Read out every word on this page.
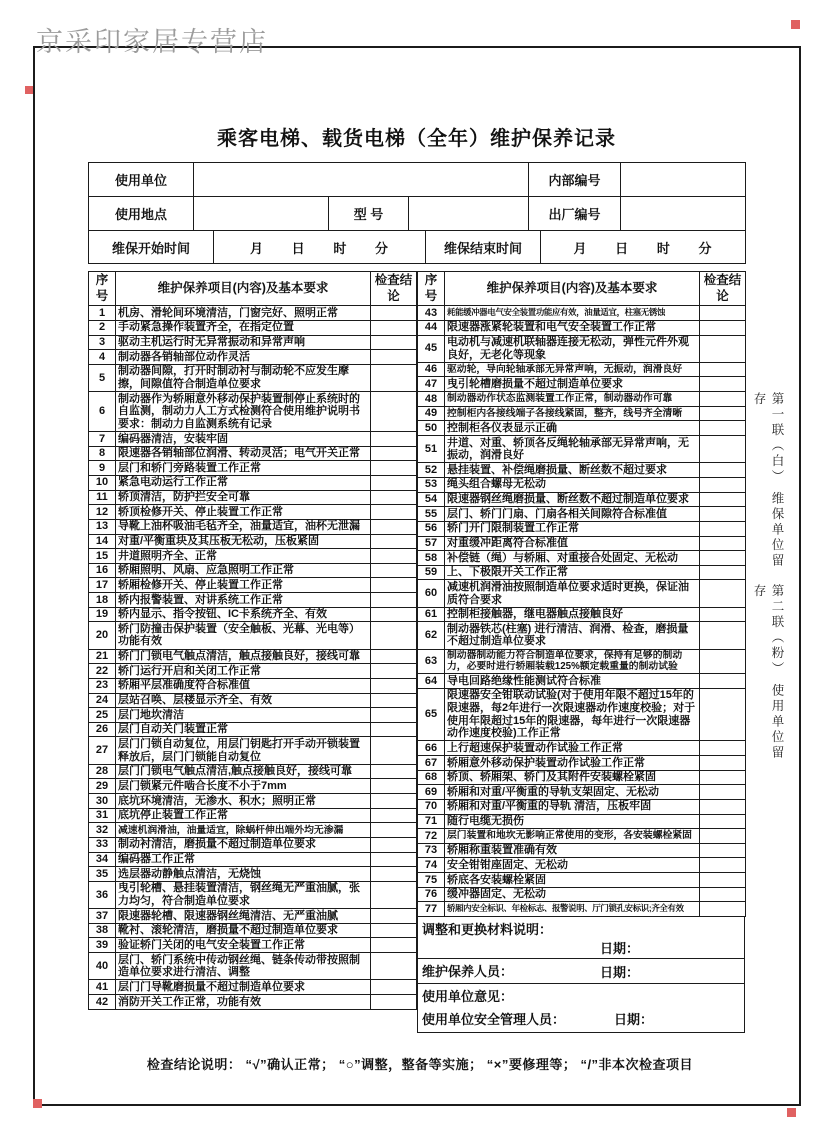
京采印家居专营店
乘客电梯、载货电梯（全年）维护保养记录
使用单位		内部编号	
使用地点		型 号		出厂编号	
维保开始时间	月      日      时      分	维保结束时间	月      日      时      分
序号	维护保养项目(内容)及基本要求	检查结论
1	机房、滑轮间环境清洁，门窗完好、照明正常	
2	手动紧急操作装置齐全，在指定位置	
3	驱动主机运行时无异常振动和异常声响	
4	制动器各销轴部位动作灵活	
5	制动器间隙，打开时制动衬与制动轮不应发生摩擦，间隙值符合制造单位要求	
6	制动器作为轿厢意外移动保护装置制停止系统时的自监测，制动力人工方式检测符合使用维护说明书要求：制动力自监测系统有记录	
7	编码器清洁，安装牢固	
8	限速器各销轴部位润滑、转动灵活；电气开关正常	
9	层门和轿门旁路装置工作正常	
10	紧急电动运行工作正常	
11	轿顶清洁，防护拦安全可靠	
12	轿顶检修开关、停止装置工作正常	
13	导靴上油杯吸油毛毡齐全，油量适宜，油杯无泄漏	
14	对重/平衡重块及其压板无松动，压板紧固	
15	井道照明齐全、正常	
16	轿厢照明、风扇、应急照明工作正常	
17	轿厢检修开关、停止装置工作正常	
18	轿内报警装置、对讲系统工作正常	
19	轿内显示、指令按钮、IC卡系统齐全、有效	
20	轿门防撞击保护装置（安全触板、光幕、光电等）功能有效	
21	轿门门锁电气触点清洁，触点接触良好，接线可靠	
22	轿门运行开启和关闭工作正常	
23	轿厢平层准确度符合标准值	
24	层站召唤、层楼显示齐全、有效	
25	层门地坎清洁	
26	层门自动关门装置正常	
27	层门门锁自动复位，用层门钥匙打开手动开锁装置释放后，层门门锁能自动复位	
28	层门门锁电气触点清洁,触点接触良好，接线可靠	
29	层门锁紧元件啮合长度不小于7mm	
30	底坑环境清洁，无渗水、积水；照明正常	
31	底坑停止装置工作正常	
32	减速机润滑油，油量适宜，除蜗杆伸出端外均无渗漏	
33	制动衬清洁，磨损量不超过制造单位要求	
34	编码器工作正常	
35	选层器动静触点清洁，无烧蚀	
36	曳引轮槽、悬挂装置清洁，钢丝绳无严重油腻，张力均匀，符合制造单位要求	
37	限速器轮槽、限速器钢丝绳清洁、无严重油腻	
38	靴衬、滚轮清洁，磨损量不超过制造单位要求	
39	验证轿门关闭的电气安全装置工作正常	
40	层门、轿门系统中传动钢丝绳、链条传动带按照制造单位要求进行清洁、调整	
41	层门门导靴磨损量不超过制造单位要求	
42	消防开关工作正常，功能有效	
序号	维护保养项目(内容)及基本要求	检查结论
43	耗能缓冲器电气安全装置功能应有效，油量适宜，柱塞无锈蚀	
44	限速器涨紧轮装置和电气安全装置工作正常	
45	电动机与减速机联轴器连接无松动，弹性元件外观良好，无老化等现象	
46	驱动轮，导向轮轴承部无异常声响，无振动，润滑良好	
47	曳引轮槽磨损量不超过制造单位要求	
48	制动器动作状态监测装置工作正常，制动器动作可靠	
49	控制柜内各接线端子各接线紧固，整齐，线号齐全清晰	
50	控制柜各仪表显示正确	
51	井道、对重、轿顶各反绳轮轴承部无异常声响，无振动，润滑良好	
52	悬挂装置、补偿绳磨损量、断丝数不超过要求	
53	绳头组合螺母无松动	
54	限速器钢丝绳磨损量、断丝数不超过制造单位要求	
55	层门、轿门门扇、门扇各相关间隙符合标准值	
56	轿门开门限制装置工作正常	
57	对重缓冲距离符合标准值	
58	补偿链（绳）与轿厢、对重接合处固定、无松动	
59	上、下极限开关工作正常	
60	减速机润滑油按照制造单位要求适时更换，保证油质符合要求	
61	控制柜接触器，继电器触点接触良好	
62	制动器铁芯(柱塞) 进行清洁、润滑、检查，磨损量不超过制造单位要求	
63	制动器制动能力符合制造单位要求，保持有足够的制动力，必要时进行轿厢装载125%额定载重量的制动试验	
64	导电回路绝缘性能测试符合标准	
65	限速器安全钳联动试验(对于使用年限不超过15年的限速器，每2年进行一次限速器动作速度校验；对于使用年限超过15年的限速器，每年进行一次限速器动作速度校验)工作正常	
66	上行超速保护装置动作试验工作正常	
67	轿厢意外移动保护装置动作试验工作正常	
68	轿顶、轿厢架、轿门及其附件安装螺栓紧固	
69	轿厢和对重/平衡重的导轨支架固定、无松动	
70	轿厢和对重/平衡重的导轨 清洁，压板牢固	
71	随行电缆无损伤	
72	层门装置和地坎无影响正常使用的变形，各安装螺栓紧固	
73	轿厢称重装置准确有效	
74	安全钳钳座固定、无松动	
75	轿底各安装螺栓紧固	
76	缓冲器固定、无松动	
77	轿厢内安全标识、年检标志、报警说明、厅门锁孔安标识;齐全有效	
调整和更换材料说明：
日期：
维护保养人员：	日期：
使用单位意见：
使用单位安全管理人员：	日期：
第一联（白） 维保单位留存
第二联（粉） 使用单位留存
检查结论说明： “√”确认正常； “○”调整，整备等实施； “×”要修理等； “/”非本次检查项目
